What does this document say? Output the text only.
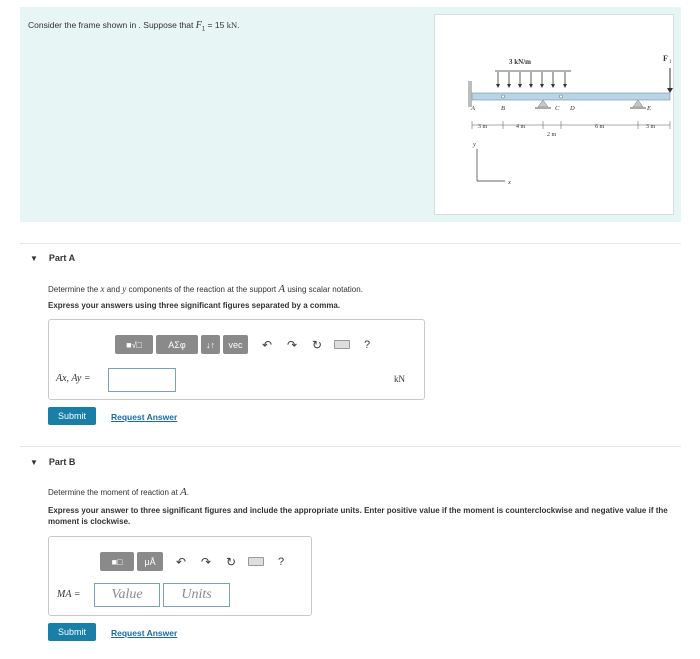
Consider the frame shown in . Suppose that $F_1 = 15$ kN.
3 kN/m	F 1
A	B	C D	E
3 m	4 m
2 m
6 m	3 m
y
x
▼ Part A
Determine the x and y components of the reaction at the support A using scalar notation.
Express your answers using three significant figures separated by a comma.
■√□	AΣφ	↓↑	vec	↶	↷	↻	?
Ax, Ay =	kN
Submit	Request Answer
▼ Part B
Determine the moment of reaction at A.
Express your answer to three significant figures and include the appropriate units. Enter positive value if the moment is counterclockwise and negative value if the moment is clockwise.
■□	μÅ	↶	↷	↻	?
MA =	Value	Units
Submit	Request Answer
